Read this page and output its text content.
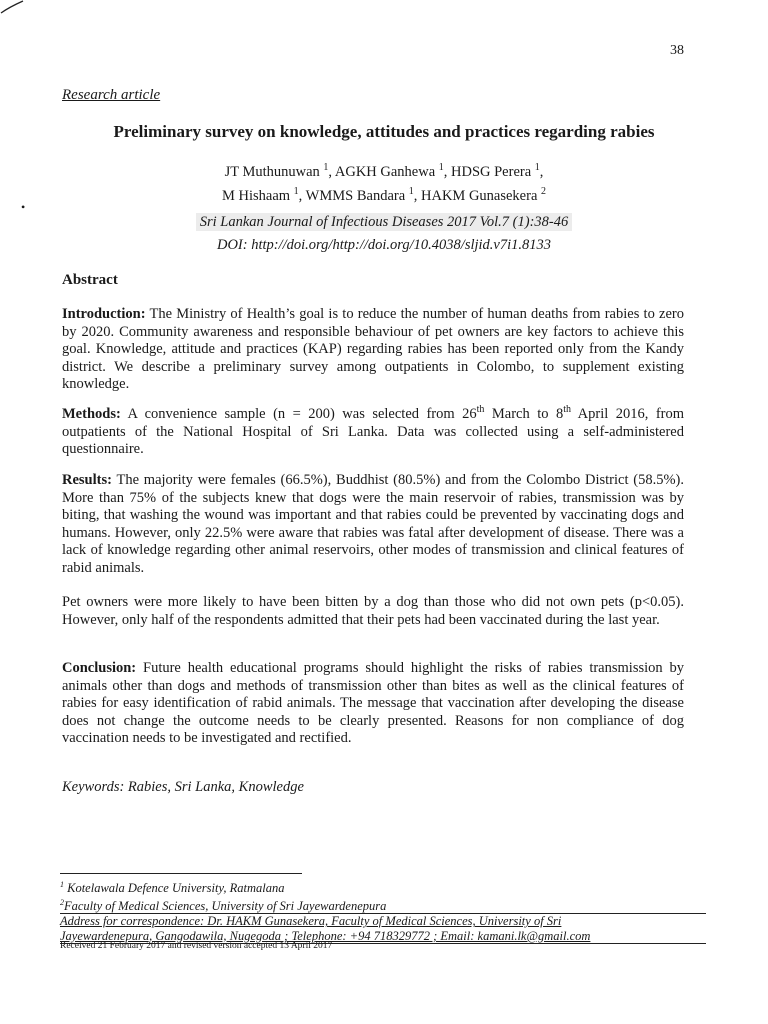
38
Research article
Preliminary survey on knowledge, attitudes and practices regarding rabies
JT Muthunuwan $^1$, AGKH Ganhewa $^1$, HDSG Perera $^1$,
M Hishaam $^1$, WMMS Bandara $^1$, HAKM Gunasekera $^2$
•
Sri Lankan Journal of Infectious Diseases 2017 Vol.7 (1):38-46
DOI: http://doi.org/http://doi.org/10.4038/sljid.v7i1.8133
Abstract

Introduction: The Ministry of Health’s goal is to reduce the number of human deaths from rabies to zero by 2020. Community awareness and responsible behaviour of pet owners are key factors to achieve this goal. Knowledge, attitude and practices (KAP) regarding rabies has been reported only from the Kandy district. We describe a preliminary survey among outpatients in Colombo, to supplement existing knowledge.

Methods: A convenience sample (n = 200) was selected from 26th March to 8th April 2016, from outpatients of the National Hospital of Sri Lanka. Data was collected using a self-administered questionnaire.

Results: The majority were females (66.5%), Buddhist (80.5%) and from the Colombo District (58.5%). More than 75% of the subjects knew that dogs were the main reservoir of rabies, transmission was by biting, that washing the wound was important and that rabies could be prevented by vaccinating dogs and humans. However, only 22.5% were aware that rabies was fatal after development of disease. There was a lack of knowledge regarding other animal reservoirs, other modes of transmission and clinical features of rabid animals.

Pet owners were more likely to have been bitten by a dog than those who did not own pets (p<0.05). However, only half of the respondents admitted that their pets had been vaccinated during the last year.

Conclusion: Future health educational programs should highlight the risks of rabies transmission by animals other than dogs and methods of transmission other than bites as well as the clinical features of rabies for easy identification of rabid animals. The message that vaccination after developing the disease does not change the outcome needs to be clearly presented. Reasons for non compliance of dog vaccination needs to be investigated and rectified.

Keywords: Rabies, Sri Lanka, Knowledge
$^1$ Kotelawala Defence University, Ratmalana
$^2$Faculty of Medical Sciences, University of Sri Jayewardenepura
Address for correspondence: Dr. HAKM Gunasekera, Faculty of Medical Sciences, University of Sri
Jayewardenepura, Gangodawila, Nugegoda ; Telephone: +94 718329772 ; Email: kamani.lk@gmail.com
Received 21 February 2017 and revised version accepted 13 April 2017
